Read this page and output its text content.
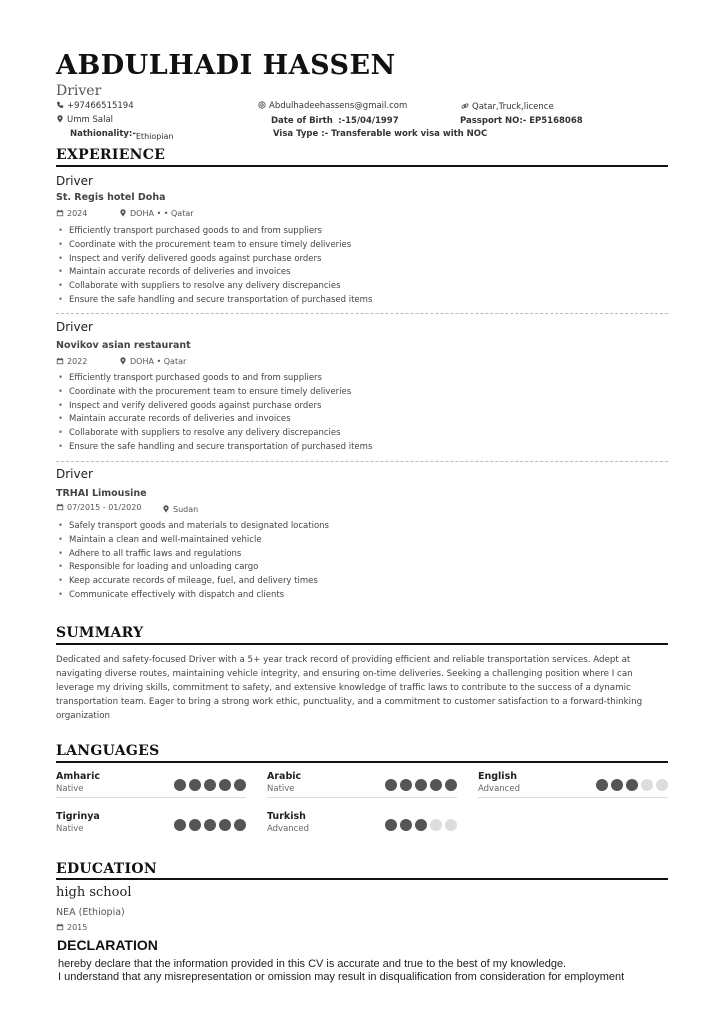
ABDULHADI HASSEN
Driver
+97466515194	Abdulhadeehassens@gmail.com	Qatar,Truck,licence
Umm Salal	Date of Birth :-15/04/1997	Passport NO:- EP5168068
Nathionality:-Ethiopian	Visa Type :- Transferable work visa with NOC
EXPERIENCE
Driver
St. Regis hotel Doha
2024	DOHA • • Qatar
• Efficiently transport purchased goods to and from suppliers
• Coordinate with the procurement team to ensure timely deliveries
• Inspect and verify delivered goods against purchase orders
• Maintain accurate records of deliveries and invoices
• Collaborate with suppliers to resolve any delivery discrepancies
• Ensure the safe handling and secure transportation of purchased items
Driver
Novikov asian restaurant
2022	DOHA • Qatar
• Efficiently transport purchased goods to and from suppliers
• Coordinate with the procurement team to ensure timely deliveries
• Inspect and verify delivered goods against purchase orders
• Maintain accurate records of deliveries and invoices
• Collaborate with suppliers to resolve any delivery discrepancies
• Ensure the safe handling and secure transportation of purchased items
Driver
TRHAI Limousine
07/2015 - 01/2020	Sudan
• Safely transport goods and materials to designated locations
• Maintain a clean and well-maintained vehicle
• Adhere to all traffic laws and regulations
• Responsible for loading and unloading cargo
• Keep accurate records of mileage, fuel, and delivery times
• Communicate effectively with dispatch and clients
SUMMARY
Dedicated and safety-focused Driver with a 5+ year track record of providing efficient and reliable transportation services. Adept at navigating diverse routes, maintaining vehicle integrity, and ensuring on-time deliveries. Seeking a challenging position where I can leverage my driving skills, commitment to safety, and extensive knowledge of traffic laws to contribute to the success of a dynamic transportation team. Eager to bring a strong work ethic, punctuality, and a commitment to customer satisfaction to a forward-thinking organization
LANGUAGES
Amharic
Native
Arabic
Native
English
Advanced
Tigrinya
Native
Turkish
Advanced
EDUCATION
high school
NEA (Ethiopia)
2015
DECLARATION
hereby declare that the information provided in this CV is accurate and true to the best of my knowledge.
I understand that any misrepresentation or omission may result in disqualification from consideration for employment
